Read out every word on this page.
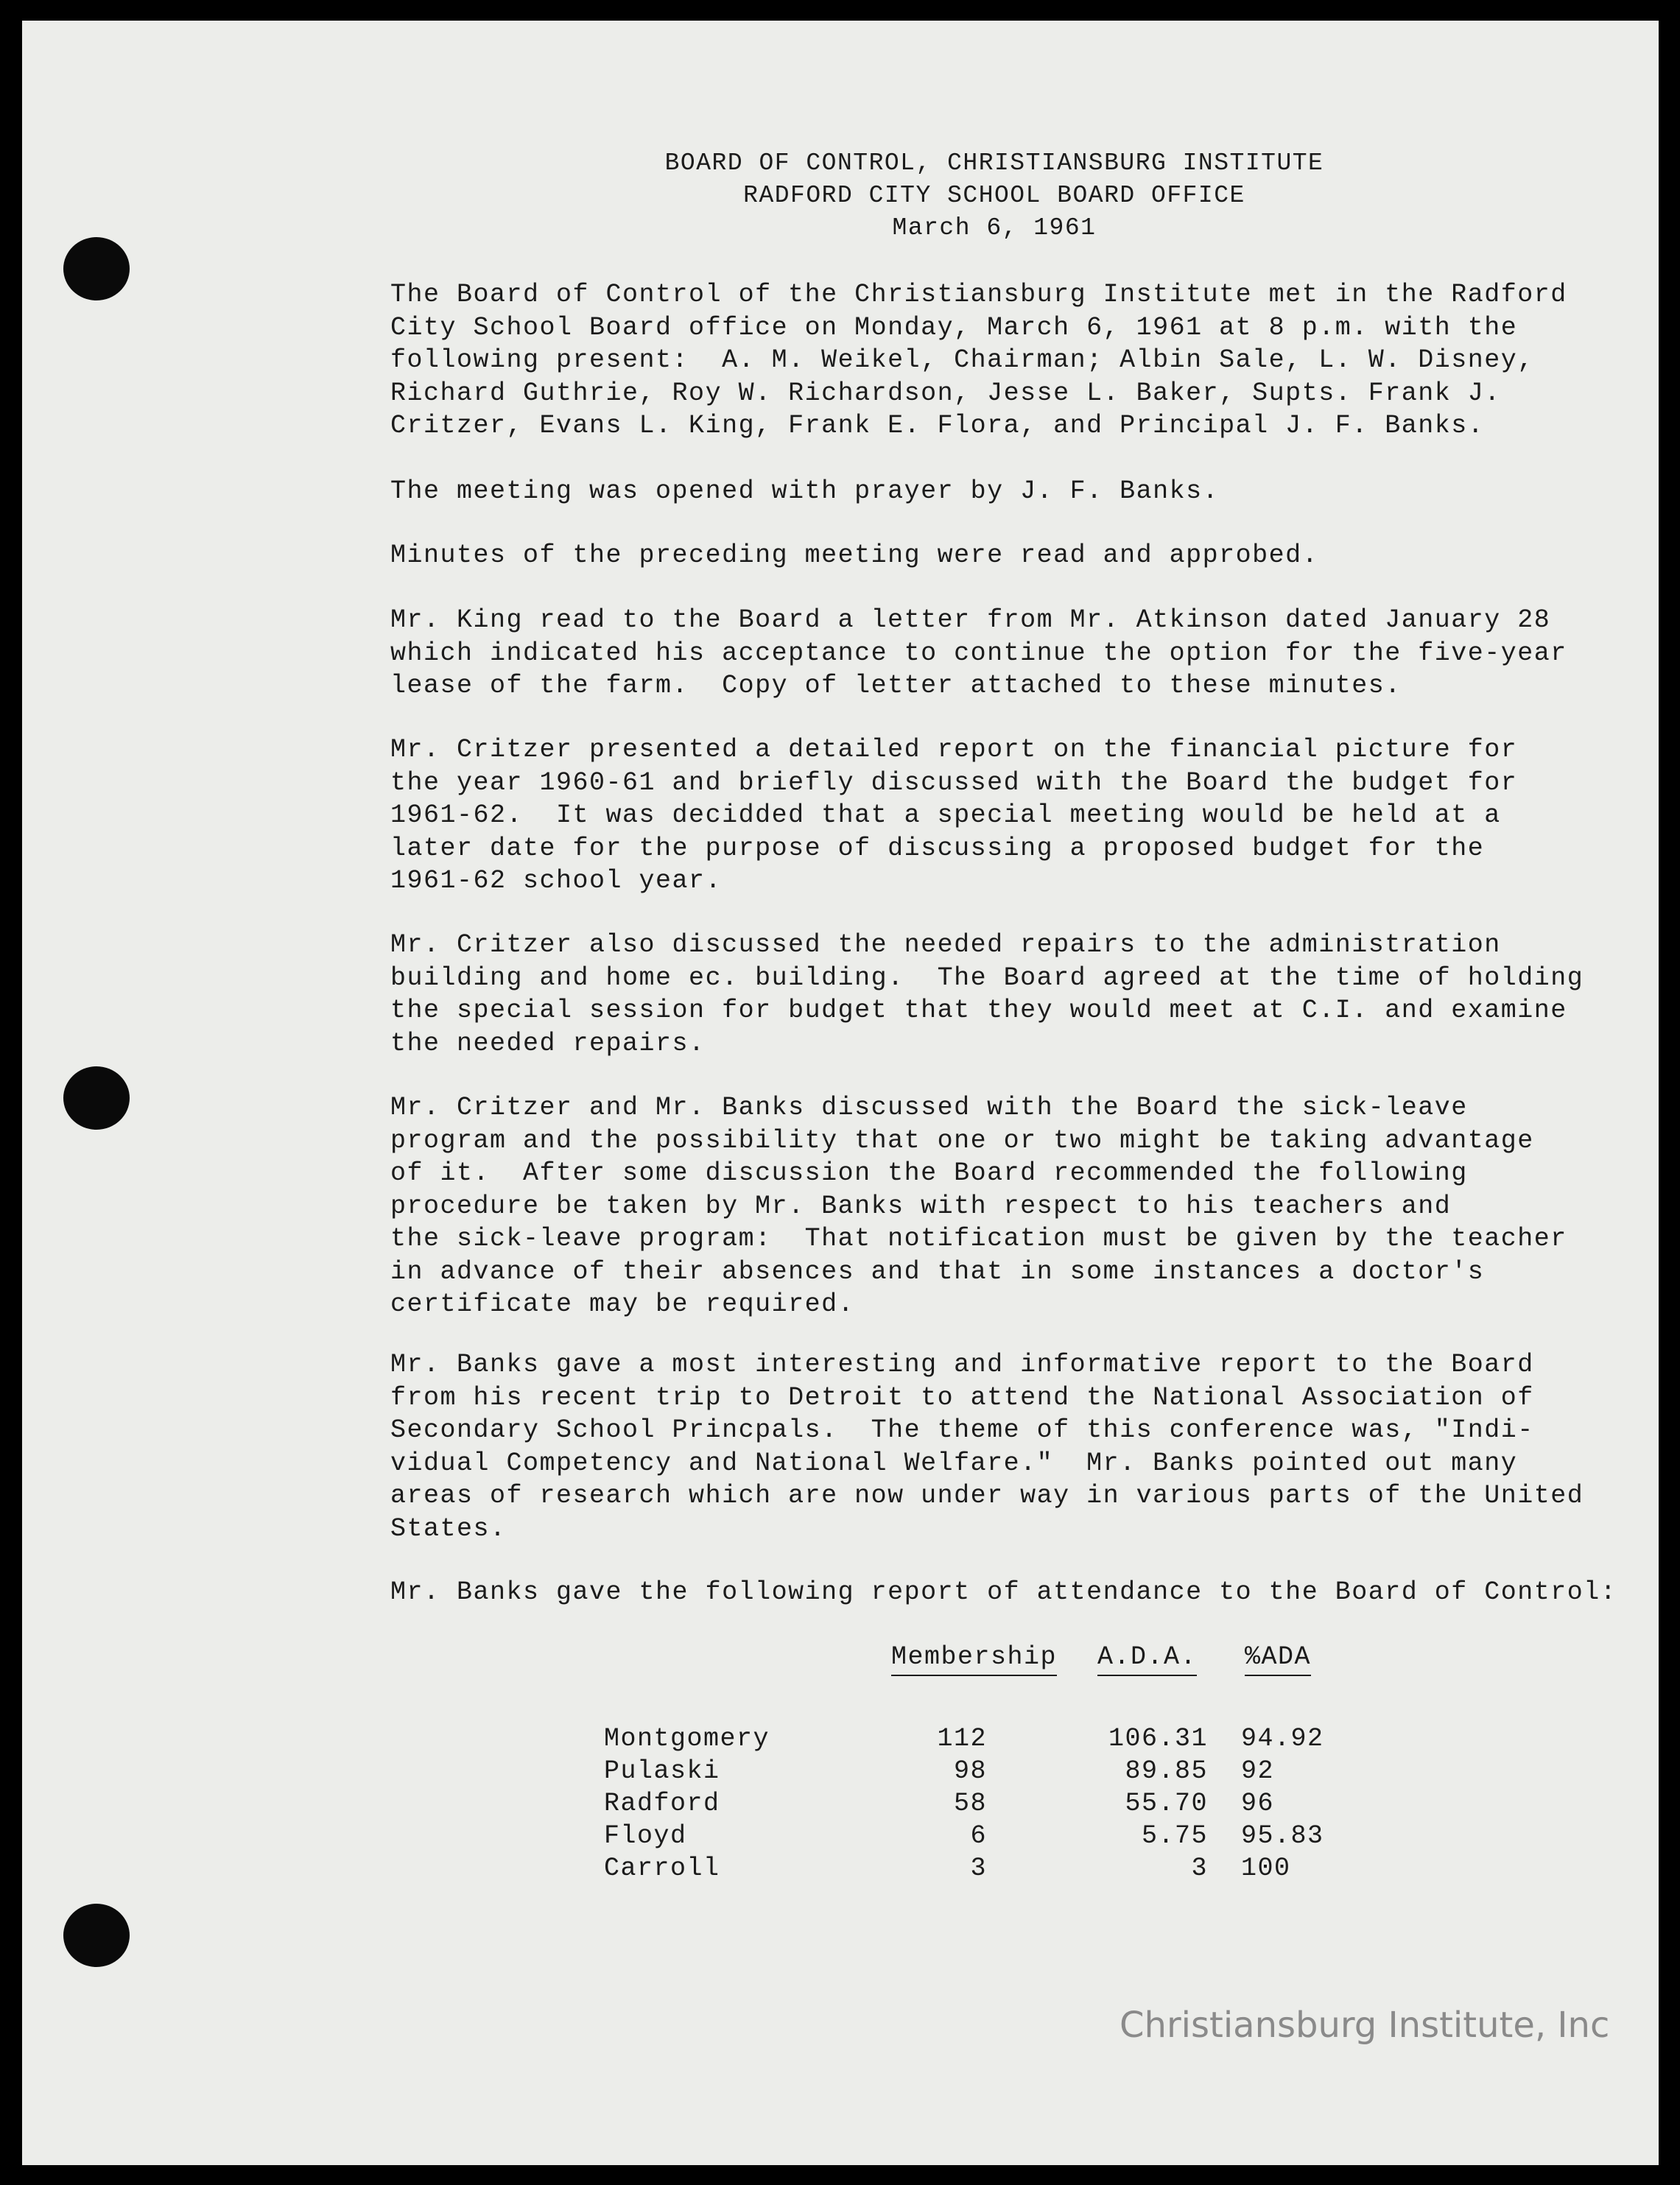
BOARD OF CONTROL, CHRISTIANSBURG INSTITUTE
RADFORD CITY SCHOOL BOARD OFFICE
March 6, 1961

The Board of Control of the Christiansburg Institute met in the Radford
City School Board office on Monday, March 6, 1961 at 8 p.m. with the
following present:  A. M. Weikel, Chairman; Albin Sale, L. W. Disney,
Richard Guthrie, Roy W. Richardson, Jesse L. Baker, Supts. Frank J.
Critzer, Evans L. King, Frank E. Flora, and Principal J. F. Banks.

The meeting was opened with prayer by J. F. Banks.

Minutes of the preceding meeting were read and approbed.

Mr. King read to the Board a letter from Mr. Atkinson dated January 28
which indicated his acceptance to continue the option for the five-year
lease of the farm.  Copy of letter attached to these minutes.

Mr. Critzer presented a detailed report on the financial picture for
the year 1960-61 and briefly discussed with the Board the budget for
1961-62.  It was decidded that a special meeting would be held at a
later date for the purpose of discussing a proposed budget for the
1961-62 school year.

Mr. Critzer also discussed the needed repairs to the administration
building and home ec. building.  The Board agreed at the time of holding
the special session for budget that they would meet at C.I. and examine
the needed repairs.

Mr. Critzer and Mr. Banks discussed with the Board the sick-leave
program and the possibility that one or two might be taking advantage
of it.  After some discussion the Board recommended the following
procedure be taken by Mr. Banks with respect to his teachers and
the sick-leave program:  That notification must be given by the teacher
in advance of their absences and that in some instances a doctor's
certificate may be required.

Mr. Banks gave a most interesting and informative report to the Board
from his recent trip to Detroit to attend the National Association of
Secondary School Princpals.  The theme of this conference was, "Indi-
vidual Competency and National Welfare."  Mr. Banks pointed out many
areas of research which are now under way in various parts of the United
States.

Mr. Banks gave the following report of attendance to the Board of Control:

Membership A.D.A. %ADA
Montgomery	112	106.31 94.92
Pulaski	98	89.85 92
Radford	58	55.70 96
Floyd	6	5.75 95.83
Carroll	3	3 100
Christiansburg Institute, Inc
